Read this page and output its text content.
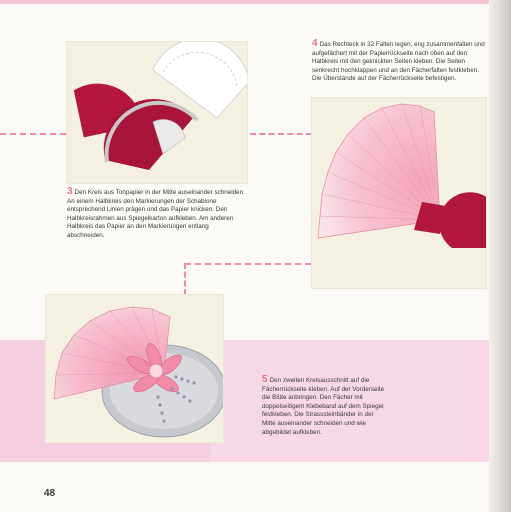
3 Den Kreis aus Tonpapier in der Mitte auseinander schneiden. An einem Halbkreis den Markierungen der Schablone entsprechend Linien prägen und das Papier knicken. Den Halbkreisrahmen aus Spiegelkarton aufkleben. Am anderen Halbkreis das Papier an den Markierungen entlang abschneiden.
4 Das Rechteck in 32 Falten legen, eng zusammenfalten und aufgefächert mit der Papierrückseite nach oben auf den Halbkreis mit den geknickten Seiten kleben. Die Seiten senkrecht hochklappen und an den Fächerfalten festkleben. Die Überstände auf der Fächerrückseite befestigen.
5 Den zweiten Kreisausschnitt auf die Fächerrückseite kleben. Auf der Vorderseite die Blüte anbringen. Den Fächer mit doppelseitigem Klebeband auf dem Spiegel festkleben. Die Strasssteinbänder in der Mitte auseinander schneiden und wie abgebildet aufkleben.
48
